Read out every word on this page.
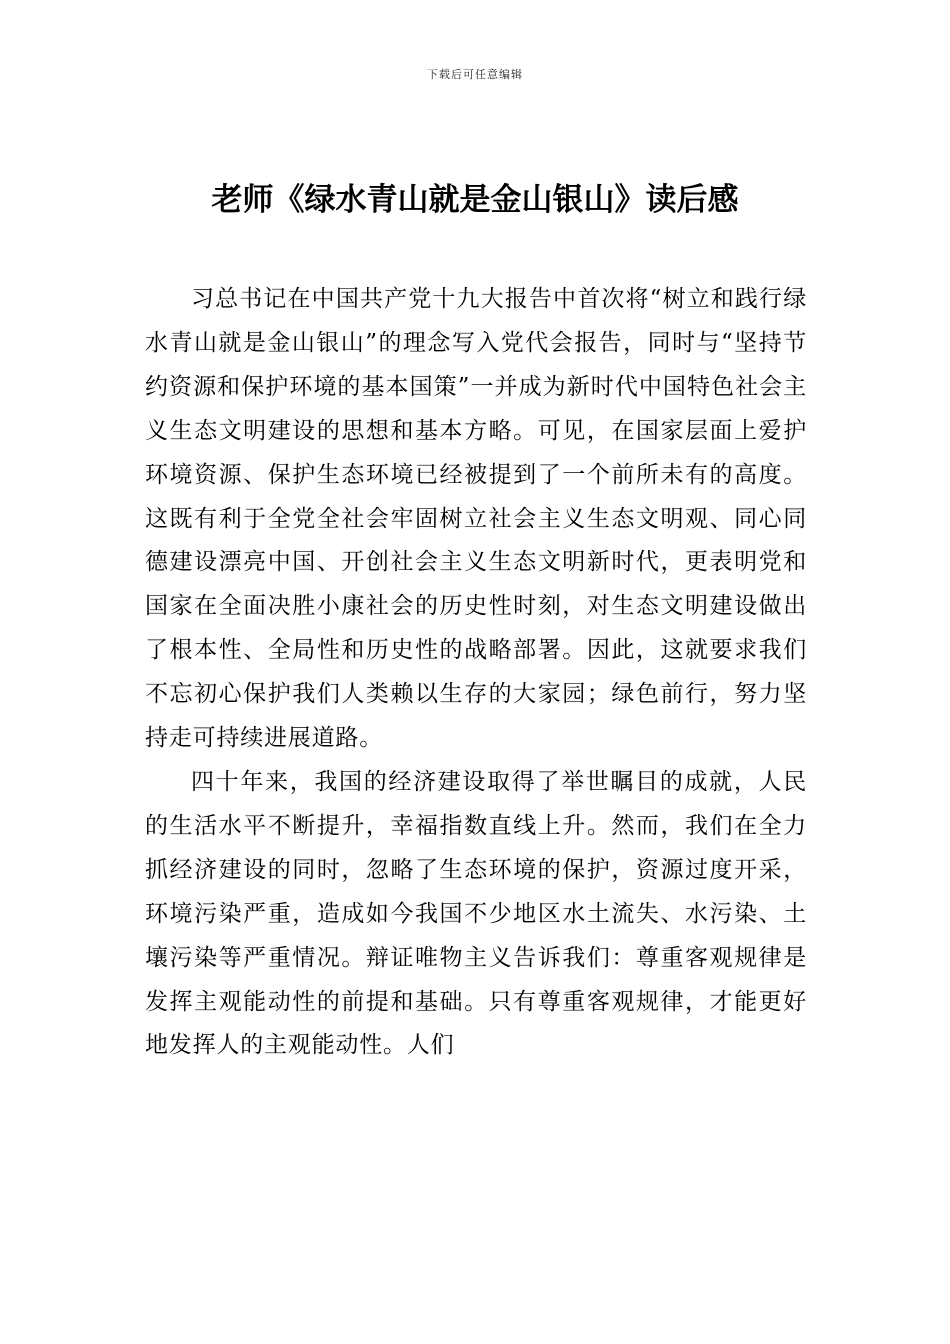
下载后可任意编辑
老师《绿水青山就是金山银山》读后感

习总书记在中国共产党十九大报告中首次将“树立和践行绿水青山就是金山银山”的理念写入党代会报告，同时与“坚持节约资源和保护环境的基本国策”一并成为新时代中国特色社会主义生态文明建设的思想和基本方略。可见，在国家层面上爱护环境资源、保护生态环境已经被提到了一个前所未有的高度。这既有利于全党全社会牢固树立社会主义生态文明观、同心同德建设漂亮中国、开创社会主义生态文明新时代，更表明党和国家在全面决胜小康社会的历史性时刻，对生态文明建设做出了根本性、全局性和历史性的战略部署。因此，这就要求我们不忘初心保护我们人类赖以生存的大家园；绿色前行，努力坚持走可持续进展道路。

四十年来，我国的经济建设取得了举世瞩目的成就，人民的生活水平不断提升，幸福指数直线上升。然而，我们在全力抓经济建设的同时，忽略了生态环境的保护，资源过度开采，环境污染严重，造成如今我国不少地区水土流失、水污染、土壤污染等严重情况。辩证唯物主义告诉我们：尊重客观规律是发挥主观能动性的前提和基础。只有尊重客观规律，才能更好地发挥人的主观能动性。人们
